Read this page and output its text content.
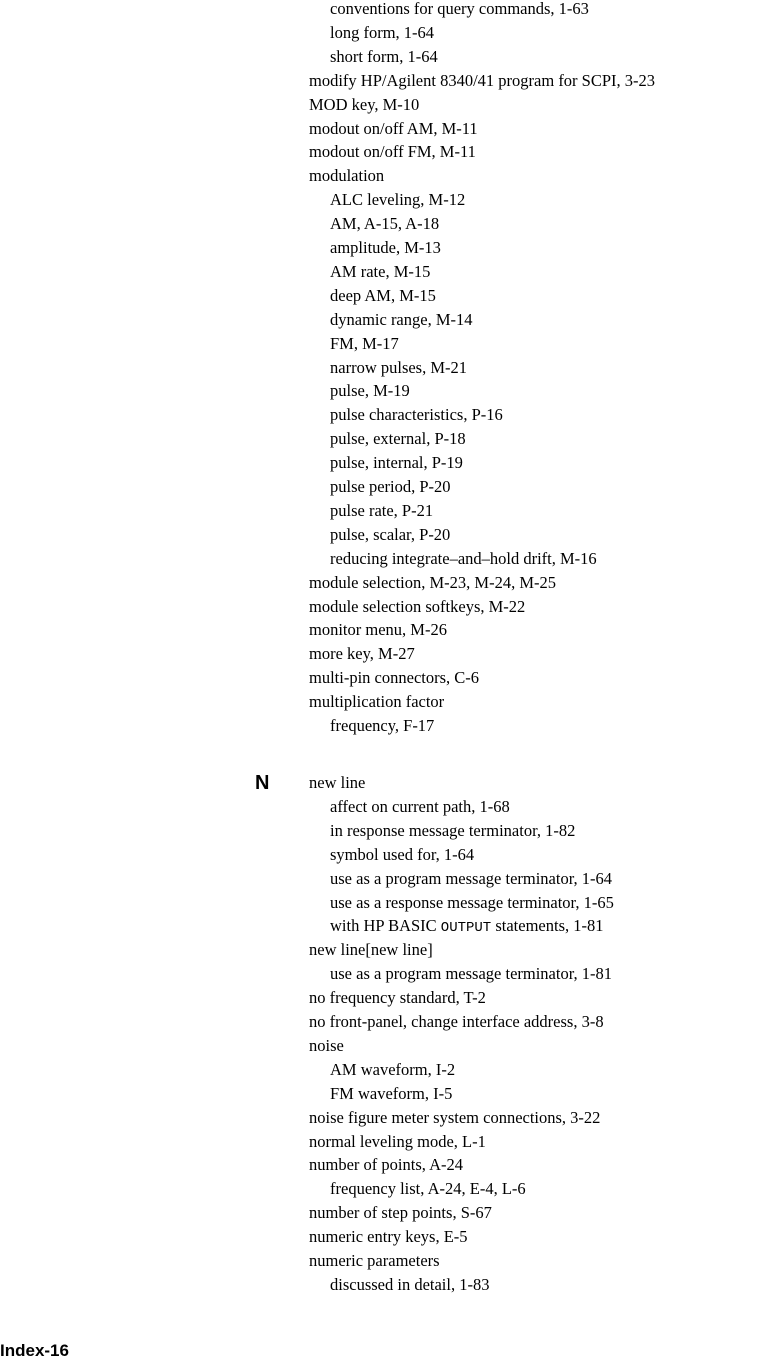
conventions for query commands, 1-63
long form, 1-64
short form, 1-64
modify HP/Agilent 8340/41 program for SCPI, 3-23
MOD key, M-10
modout on/off AM, M-11
modout on/off FM, M-11
modulation
ALC leveling, M-12
AM, A-15, A-18
amplitude, M-13
AM rate, M-15
deep AM, M-15
dynamic range, M-14
FM, M-17
narrow pulses, M-21
pulse, M-19
pulse characteristics, P-16
pulse, external, P-18
pulse, internal, P-19
pulse period, P-20
pulse rate, P-21
pulse, scalar, P-20
reducing integrate–and–hold drift, M-16
module selection, M-23, M-24, M-25
module selection softkeys, M-22
monitor menu, M-26
more key, M-27
multi-pin connectors, C-6
multiplication factor
frequency, F-17
new line
affect on current path, 1-68
in response message terminator, 1-82
symbol used for, 1-64
use as a program message terminator, 1-64
use as a response message terminator, 1-65
with HP BASIC OUTPUT statements, 1-81
new line[new line]
use as a program message terminator, 1-81
no frequency standard, T-2
no front-panel, change interface address, 3-8
noise
AM waveform, I-2
FM waveform, I-5
noise figure meter system connections, 3-22
normal leveling mode, L-1
number of points, A-24
frequency list, A-24, E-4, L-6
number of step points, S-67
numeric entry keys, E-5
numeric parameters
discussed in detail, 1-83
N
Index-16
